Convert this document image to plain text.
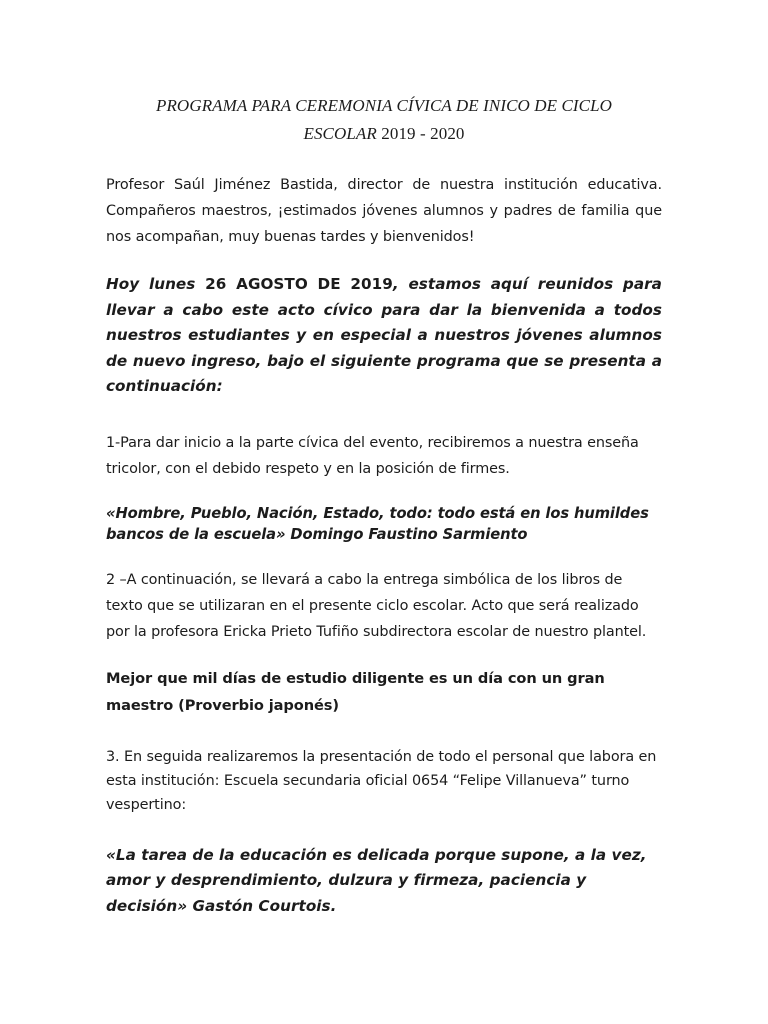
PROGRAMA PARA CEREMONIA CÍVICA DE INICO DE CICLO
ESCOLAR 2019 - 2020

Profesor Saúl Jiménez Bastida, director de nuestra institución educativa. Compañeros maestros, ¡estimados jóvenes alumnos y padres de familia que nos acompañan, muy buenas tardes y bienvenidos!

Hoy lunes 26 AGOSTO DE 2019, estamos aquí reunidos para llevar a cabo este acto cívico para dar la bienvenida a todos nuestros estudiantes y en especial a nuestros jóvenes alumnos de nuevo ingreso, bajo el siguiente programa que se presenta a continuación:

1-Para dar inicio a la parte cívica del evento, recibiremos a nuestra enseña tricolor, con el debido respeto y en la posición de firmes.

«Hombre, Pueblo, Nación, Estado, todo: todo está en los humildes bancos de la escuela» Domingo Faustino Sarmiento

2 –A continuación, se llevará a cabo la entrega simbólica de los libros de texto que se utilizaran en el presente ciclo escolar. Acto que será realizado por la profesora Ericka Prieto Tufiño subdirectora escolar de nuestro plantel.

Mejor que mil días de estudio diligente es un día con un gran maestro (Proverbio japonés)

3. En seguida realizaremos la presentación de todo el personal que labora en esta institución: Escuela secundaria oficial 0654 “Felipe Villanueva” turno vespertino:

«La tarea de la educación es delicada porque supone, a la vez, amor y desprendimiento, dulzura y firmeza, paciencia y decisión» Gastón Courtois.
